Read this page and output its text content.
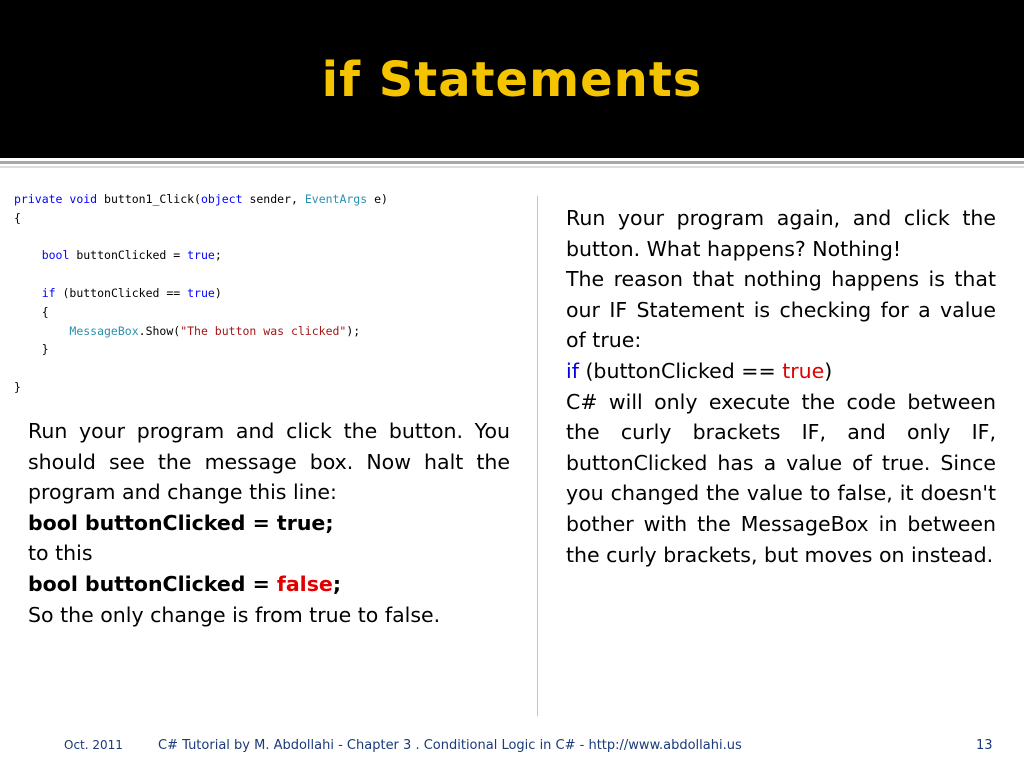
if Statements
private void button1_Click(object sender, EventArgs e)
{
bool buttonClicked = true;
if (buttonClicked == true)
{
MessageBox.Show("The button was clicked");
}
}
Run your program and click the button. You should see the message box. Now halt the program and change this line:
bool buttonClicked = true;
to this
bool buttonClicked = false;
So the only change is from true to false.
Run your program again, and click the button. What happens? Nothing!
The reason that nothing happens is that our IF Statement is checking for a value of true:
if (buttonClicked == true)
C# will only execute the code between the curly brackets IF, and only IF, buttonClicked has a value of true. Since you changed the value to false, it doesn't bother with the MessageBox in between the curly brackets, but moves on instead.
Oct. 2011	C# Tutorial by M. Abdollahi - Chapter 3 . Conditional Logic in C# - http://www.abdollahi.us	13
